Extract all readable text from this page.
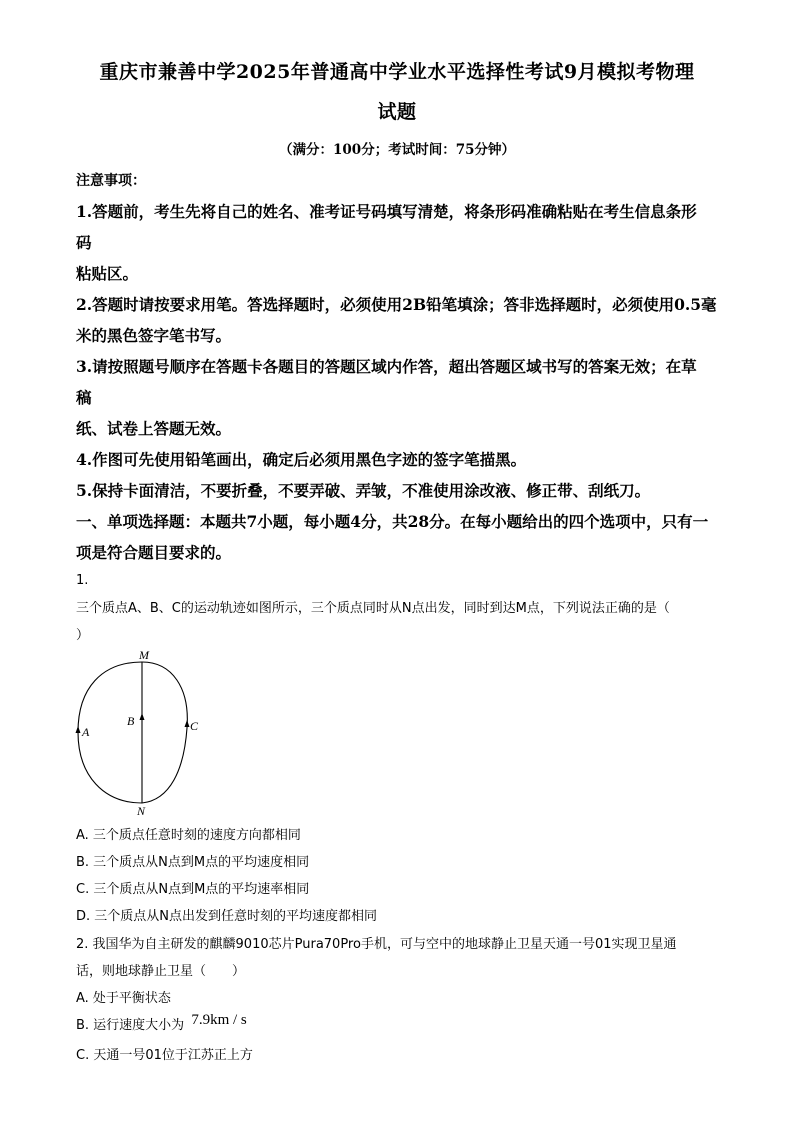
重庆市兼善中学2025年普通高中学业水平选择性考试9月模拟考物理
试题
（满分：100分；考试时间：75分钟）
注意事项：
1.答题前，考生先将自己的姓名、准考证号码填写清楚，将条形码准确粘贴在考生信息条形
码
粘贴区。
2.答题时请按要求用笔。答选择题时，必须使用2B铅笔填涂；答非选择题时，必须使用0.5毫
米的黑色签字笔书写。
3.请按照题号顺序在答题卡各题目的答题区域内作答，超出答题区域书写的答案无效；在草
稿
纸、试卷上答题无效。
4.作图可先使用铅笔画出，确定后必须用黑色字迹的签字笔描黑。
5.保持卡面清洁，不要折叠，不要弄破、弄皱，不准使用涂改液、修正带、刮纸刀。
一、单项选择题：本题共7小题，每小题4分，共28分。在每小题给出的四个选项中，只有一
项是符合题目要求的。
1.
三个质点A、B、C的运动轨迹如图所示，三个质点同时从N点出发，同时到达M点，下列说法正确的是（
）
M
N
A
B	C
A. 三个质点任意时刻的速度方向都相同
B. 三个质点从N点到M点的平均速度相同
C. 三个质点从N点到M点的平均速率相同
D. 三个质点从N点出发到任意时刻的平均速度都相同
2. 我国华为自主研发的麒麟9010芯片Pura70Pro手机，可与空中的地球静止卫星天通一号01实现卫星通
话，则地球静止卫星（　　）
A. 处于平衡状态
B. 运行速度大小为 7.9km / s
C. 天通一号01位于江苏正上方
